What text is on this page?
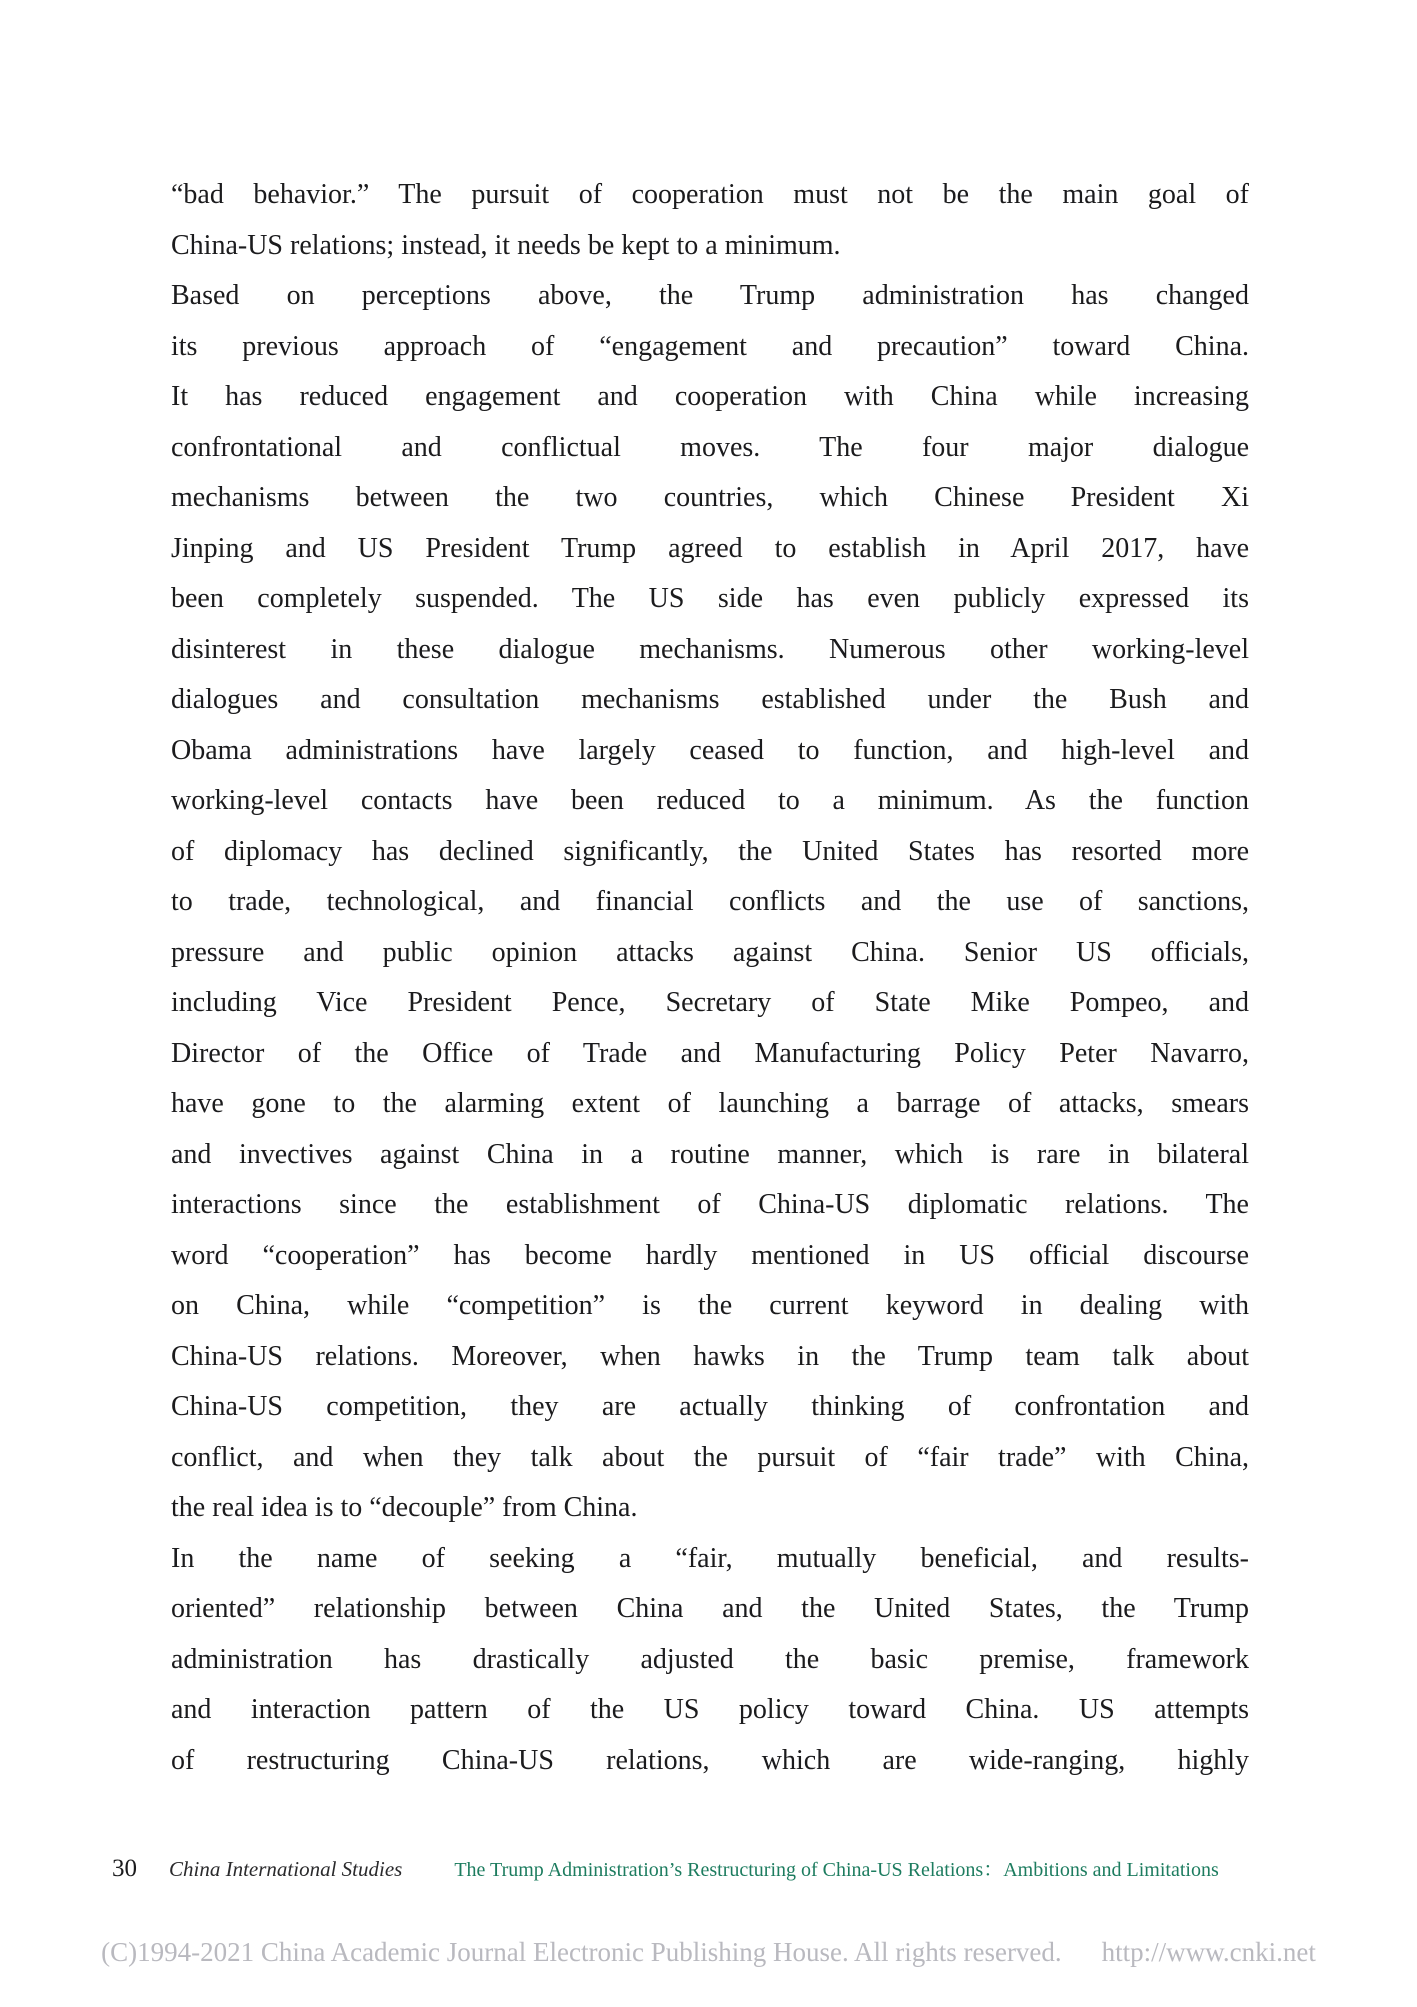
“bad behavior.” The pursuit of cooperation must not be the main goal of
China-US relations; instead, it needs be kept to a minimum.
Based on perceptions above, the Trump administration has changed
its previous approach of “engagement and precaution” toward China.
It has reduced engagement and cooperation with China while increasing
confrontational and conflictual moves. The four major dialogue
mechanisms between the two countries, which Chinese President Xi
Jinping and US President Trump agreed to establish in April 2017, have
been completely suspended. The US side has even publicly expressed its
disinterest in these dialogue mechanisms. Numerous other working-level
dialogues and consultation mechanisms established under the Bush and
Obama administrations have largely ceased to function, and high-level and
working-level contacts have been reduced to a minimum. As the function
of diplomacy has declined significantly, the United States has resorted more
to trade, technological, and financial conflicts and the use of sanctions,
pressure and public opinion attacks against China. Senior US officials,
including Vice President Pence, Secretary of State Mike Pompeo, and
Director of the Office of Trade and Manufacturing Policy Peter Navarro,
have gone to the alarming extent of launching a barrage of attacks, smears
and invectives against China in a routine manner, which is rare in bilateral
interactions since the establishment of China-US diplomatic relations. The
word “cooperation” has become hardly mentioned in US official discourse
on China, while “competition” is the current keyword in dealing with
China-US relations. Moreover, when hawks in the Trump team talk about
China-US competition, they are actually thinking of confrontation and
conflict, and when they talk about the pursuit of “fair trade” with China,
the real idea is to “decouple” from China.
In the name of seeking a “fair, mutually beneficial, and results-
oriented” relationship between China and the United States, the Trump
administration has drastically adjusted the basic premise, framework
and interaction pattern of the US policy toward China. US attempts
of restructuring China-US relations, which are wide-ranging, highly
30 China International Studies	The Trump Administration’s Restructuring of China-US Relations：Ambitions and Limitations
(C)1994-2021 China Academic Journal Electronic Publishing House. All rights reserved. http://www.cnki.net
